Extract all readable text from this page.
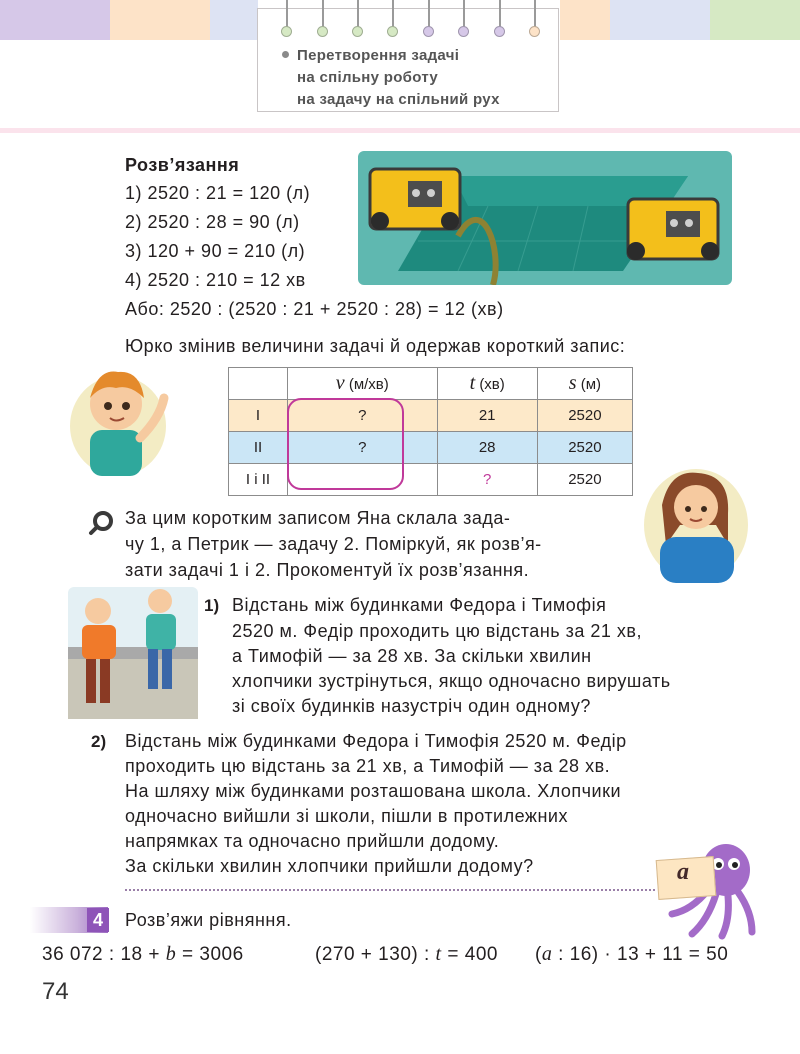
Перетворення задачі
на спільну роботу
на задачу на спільний рух
Розв’язання
1) 2520 : 21 = 120 (л)
2) 2520 : 28 = 90 (л)
3) 120 + 90 = 210 (л)
4) 2520 : 210 = 12 хв
Або: 2520 : (2520 : 21 + 2520 : 28) = 12 (хв)
Юрко змінив величини задачі й одержав короткий запис:
	v (м/хв)	t (хв)	s (м)
I	?	21	2520
II	?	28	2520
I і II		?	2520
За цим коротким записом Яна склала зада-
чу 1, а Петрик — задачу 2. Поміркуй, як розв’я-
зати задачі 1 і 2. Прокоментуй їх розв’язання.
1) Відстань між будинками Федора і Тимофія
2520 м. Федір проходить цю відстань за 21 хв,
а Тимофій — за 28 хв. За скільки хвилин
хлопчики зустрінуться, якщо одночасно вирушать
зі своїх будинків назустріч один одному?
2) Відстань між будинками Федора і Тимофія 2520 м. Федір
проходить цю відстань за 21 хв, а Тимофій — за 28 хв.
На шляху між будинками розташована школа. Хлопчики
одночасно вийшли зі школи, пішли в протилежних
напрямках та одночасно прийшли додому.
За скільки хвилин хлопчики прийшли додому?	a
4	Розв’яжи рівняння.
36 072 : 18 + b = 3006	(270 + 130) : t = 400 (a : 16) · 13 + 11 = 50
74
